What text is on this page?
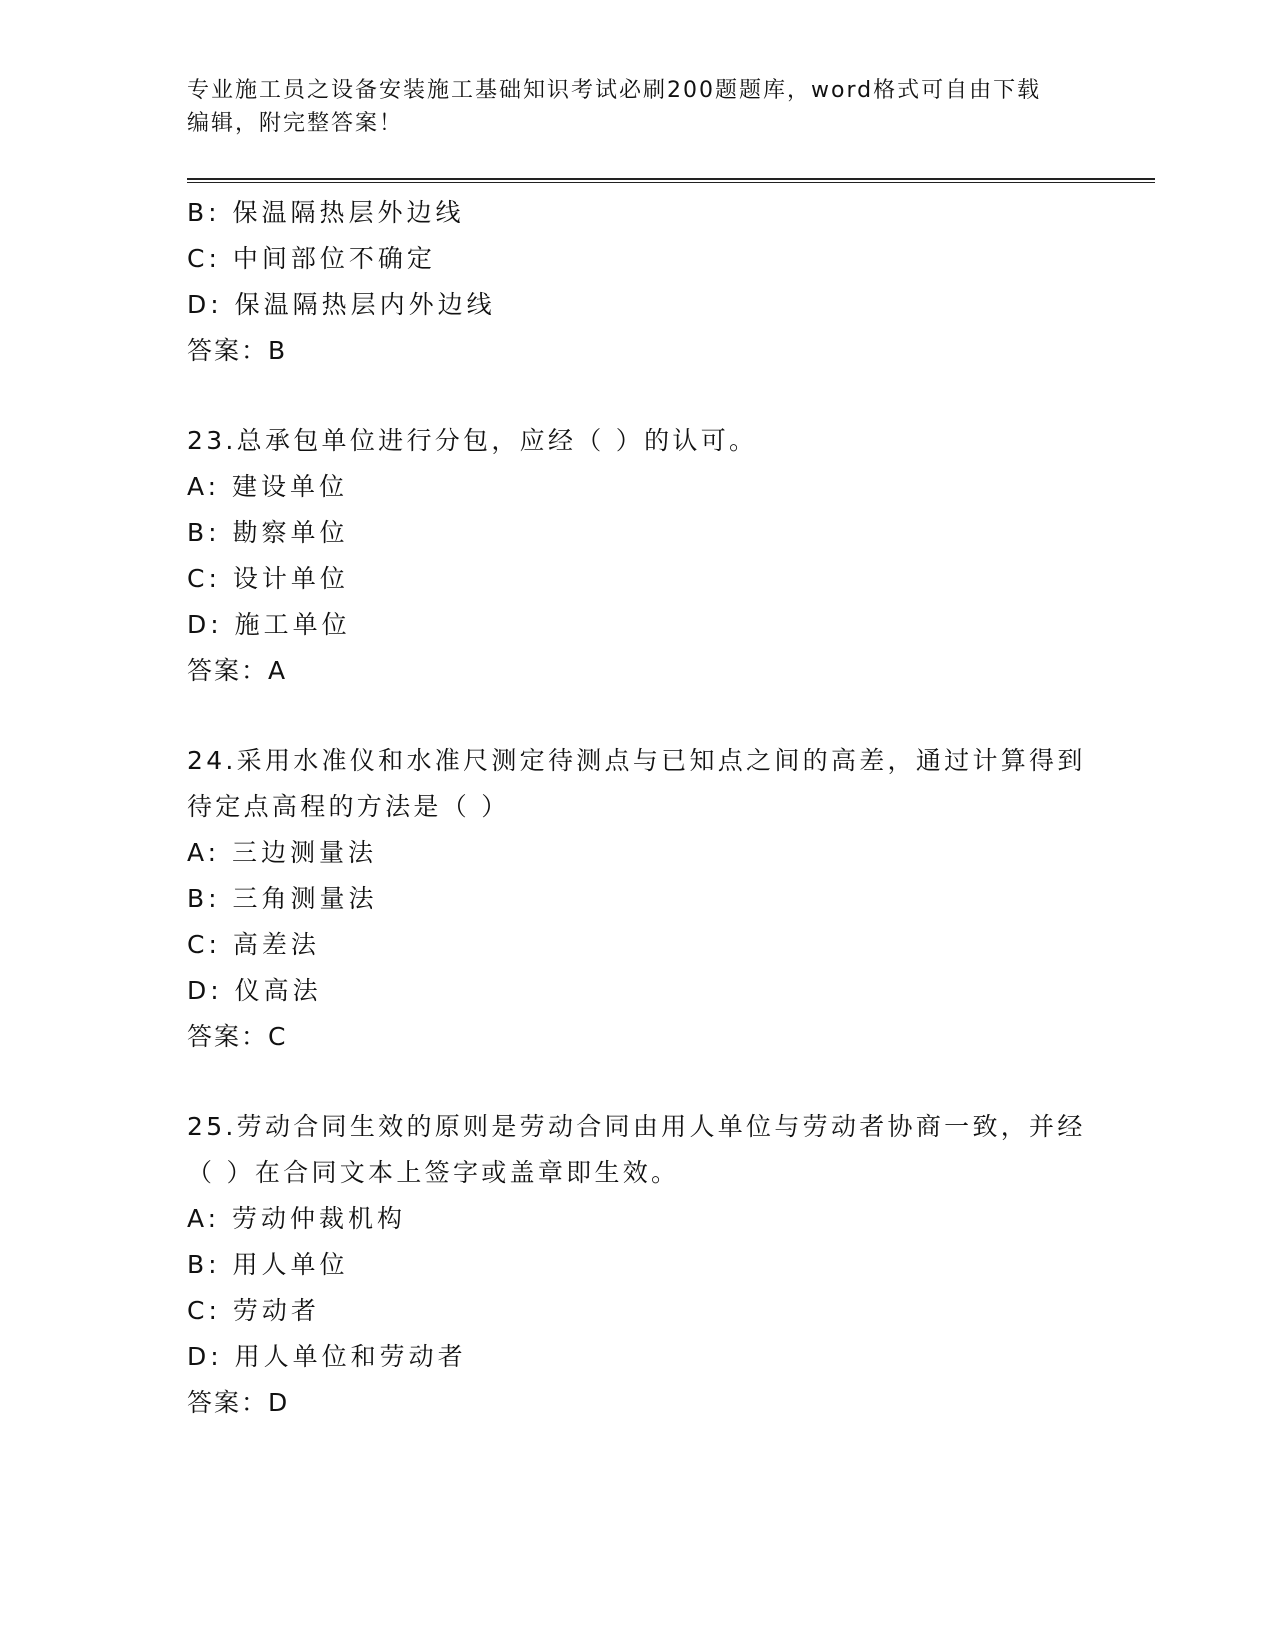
专业施工员之设备安装施工基础知识考试必刷200题题库，word格式可自由下载
编辑，附完整答案！
B: 保温隔热层外边线
C: 中间部位不确定
D: 保温隔热层内外边线
答案：B
23.总承包单位进行分包，应经（ ）的认可。
A: 建设单位
B: 勘察单位
C: 设计单位
D: 施工单位
答案：A
24.采用水准仪和水准尺测定待测点与已知点之间的高差，通过计算得到待定点高程的方法是（ ）
A: 三边测量法
B: 三角测量法
C: 高差法
D: 仪高法
答案：C
25.劳动合同生效的原则是劳动合同由用人单位与劳动者协商一致，并经（ ）在合同文本上签字或盖章即生效。
A: 劳动仲裁机构
B: 用人单位
C: 劳动者
D: 用人单位和劳动者
答案：D
